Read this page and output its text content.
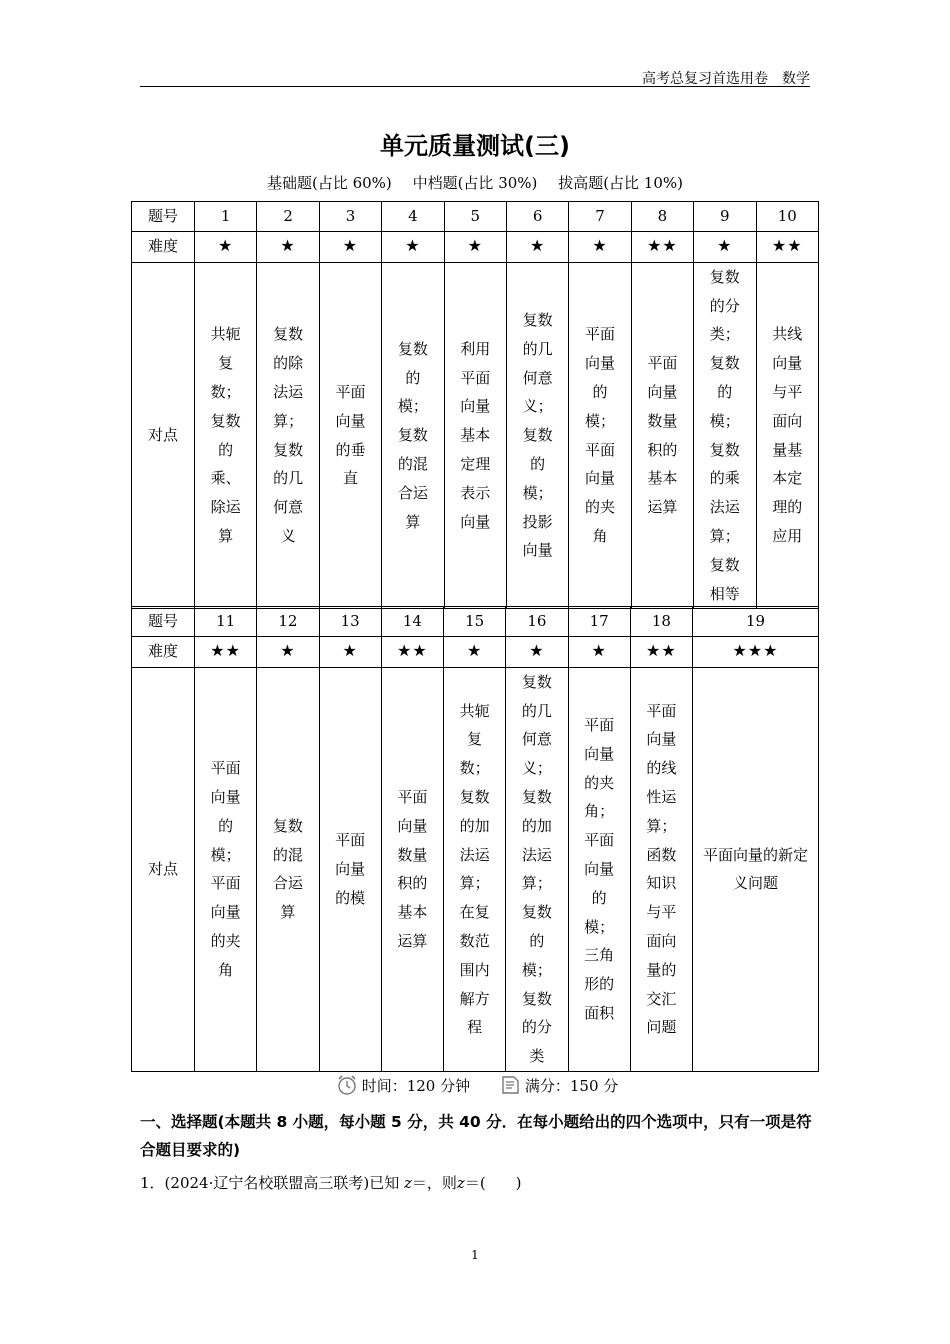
高考总复习首选用卷　数学
单元质量测试(三)
基础题(占比 60%) 中档题(占比 30%) 拔高题(占比 10%)
题号	1	2	3	4	5	6	7	8	9	10
难度	★	★	★	★	★	★	★	★★	★	★★
对点	共轭复数；复数的乘、除运算	复数的除法运算；复数的几何意义	平面向量的垂直	复数的模；复数的混合运算	利用平面向量基本定理表示向量	复数的几何意义；复数的模；投影向量	平面向量的模；平面向量的夹角	平面向量数量积的基本运算	复数的分类；复数的模；复数的乘法运算；复数相等	共线向量与平面向量基本定理的应用
题号	11	12	13	14	15	16	17	18	19
难度	★★	★	★	★★	★	★	★	★★	★★★
对点	平面向量的模；平面向量的夹角	复数的混合运算	平面向量的模	平面向量数量积的基本运算	共轭复数；复数的加法运算；在复数范围内解方程	复数的几何意义；复数的加法运算；复数的模；复数的分类	平面向量的夹角；平面向量的模；三角形的面积	平面向量的线性运算；函数知识与平面向量的交汇问题	平面向量的新定义问题
时间：120 分钟	满分：150 分
一、选择题(本题共 8 小题，每小题 5 分，共 40 分．在每小题给出的四个选项中，只有一项是符合题目要求的)
1．(2024·辽宁名校联盟高三联考)已知 z＝，则z＝(　　)
1
